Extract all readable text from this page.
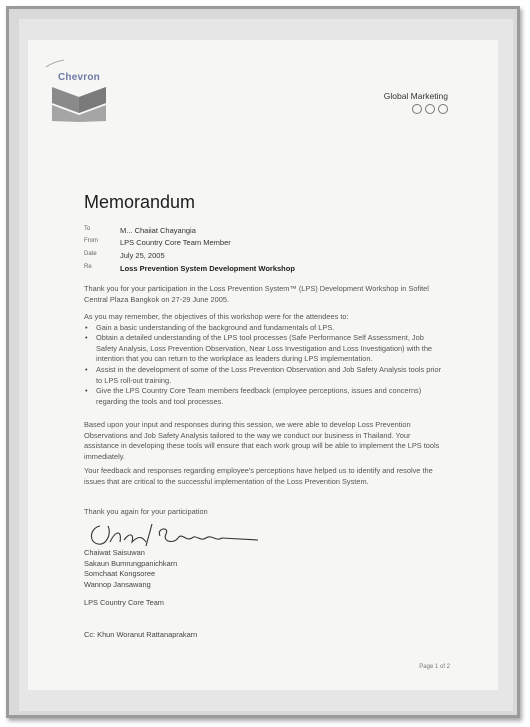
Chevron
Global Marketing
Memorandum
To	M... Chaiiat Chayangia
From	LPS Country Core Team Member
Date	July 25, 2005
Re	Loss Prevention System Development Workshop
Thank you for your participation in the Loss Prevention System™ (LPS) Development Workshop in Sofitel Central Plaza Bangkok on 27-29 June 2005.
As you may remember, the objectives of this workshop were for the attendees to:
• Gain a basic understanding of the background and fundamentals of LPS.
• Obtain a detailed understanding of the LPS tool processes (Safe Performance Self Assessment, Job Safety Analysis, Loss Prevention Observation, Near Loss Investigation and Loss Investigation) with the intention that you can return to the workplace as leaders during LPS implementation.
• Assist in the development of some of the Loss Prevention Observation and Job Safety Analysis tools prior to LPS roll-out training.
• Give the LPS Country Core Team members feedback (employee perceptions, issues and concerns) regarding the tools and tool processes.
Based upon your input and responses during this session, we were able to develop Loss Prevention Observations and Job Safety Analysis tailored to the way we conduct our business in Thailand. Your assistance in developing these tools will ensure that each work group will be able to implement the LPS tools immediately.
Your feedback and responses regarding employee's perceptions have helped us to identify and resolve the issues that are critical to the successful implementation of the Loss Prevention System.
Thank you again for your participation
Chaiwat Saisuwan
Sakaun Bumrungpanichkarn
Somchaat Kongsoree
Wannop Jansawang
LPS Country Core Team
Cc: Khun Woranut Rattanaprakarn
Page 1 of 2
